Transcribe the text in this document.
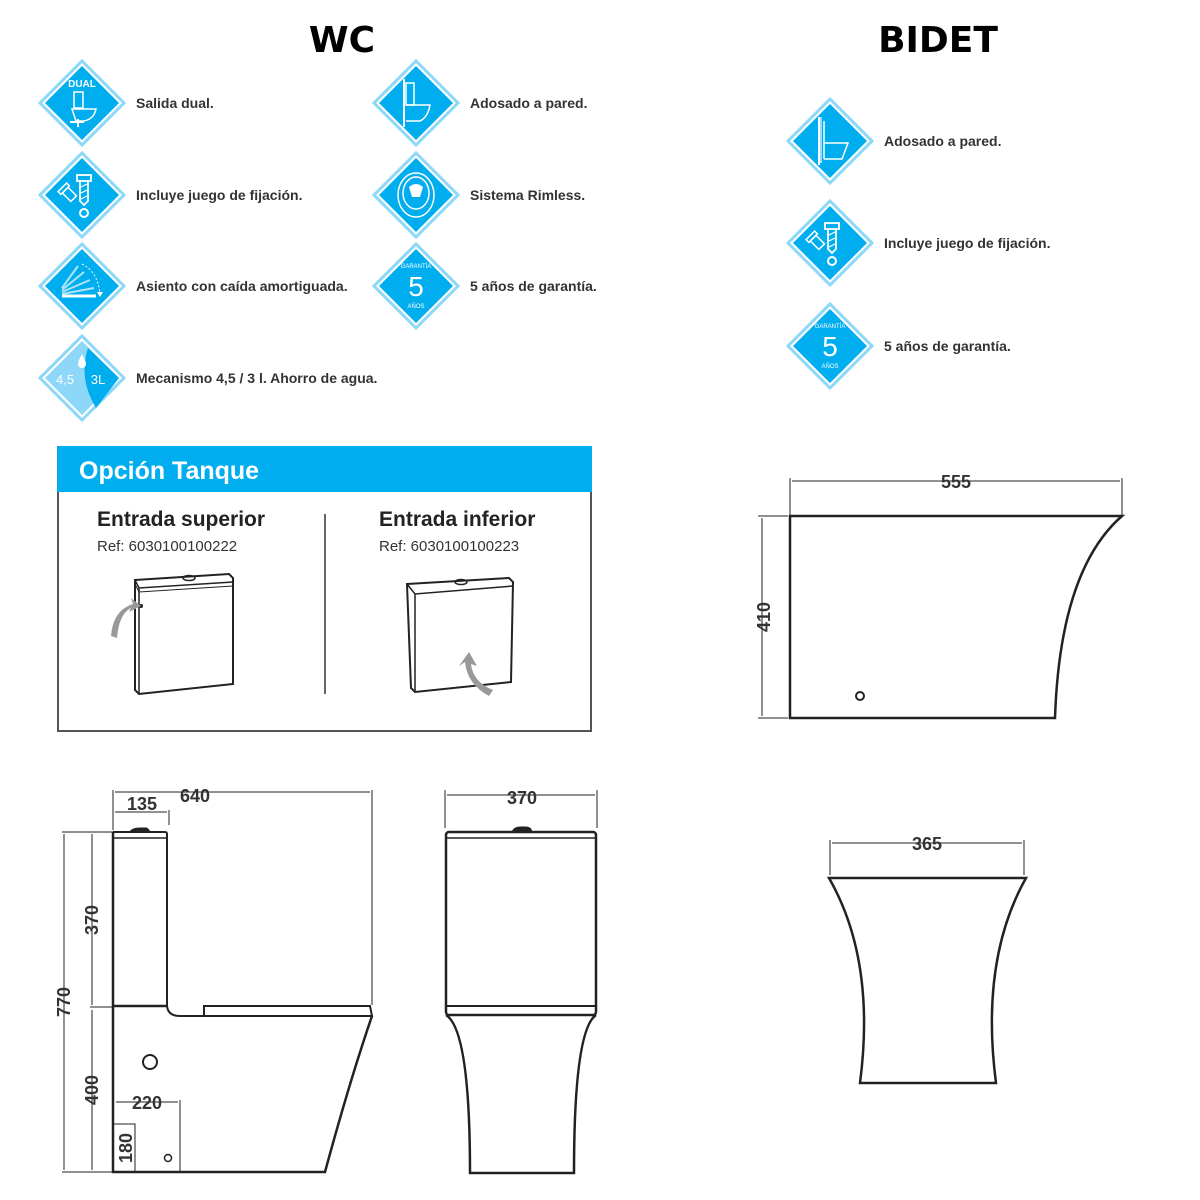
WC	BIDET
DUAL
Salida dual.	Adosado a pared.
Incluye juego de fijación.	Sistema Rimless.
Asiento con caída amortiguada.
GARANTÍA
5
AÑOS
5 años de garantía.
4,5 3L Mecanismo 4,5 / 3 l. Ahorro de agua.
Adosado a pared.
Incluye juego de fijación.
GARANTÍA
5
AÑOS
5 años de garantía.
Opción Tanque
Entrada superior
Ref: 6030100100222
Entrada inferior
Ref: 6030100100223
640
135
770
370
400 220
180
370
555
410
365
